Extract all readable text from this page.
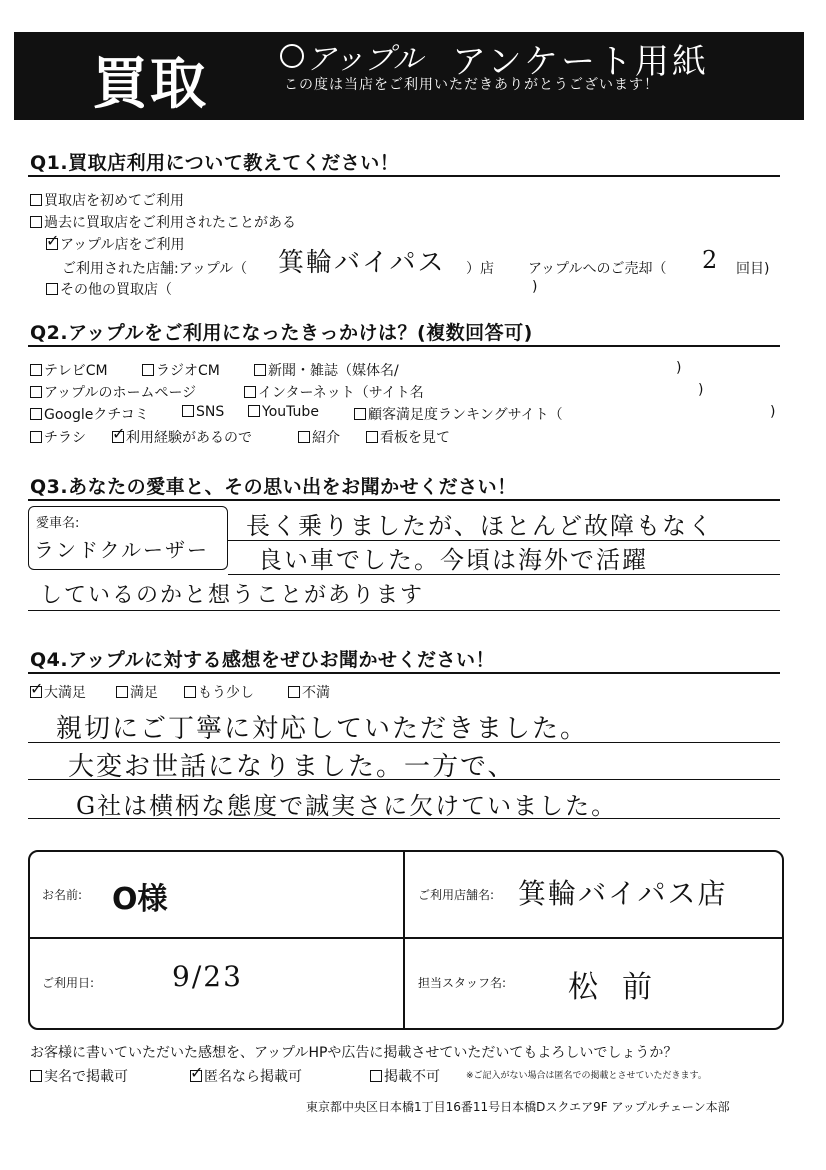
買取	アップル アンケート用紙
この度は当店をご利用いただきありがとうございます！
Q1.買取店利用について教えてください！
買取店を初めてご利用
過去に買取店をご利用されたことがある
✓アップル店をご利用
ご利用された店舗:アップル（ 箕輪バイパス ）店 アップルへのご売却（ 2 回目)
その他の買取店（	)
Q2.アップルをご利用になったきっかけは？(複数回答可)
テレビCM	ラジオCM	新聞・雑誌（媒体名/	)
アップルのホームページ	インターネット（サイト名	)
Googleクチコミ	SNS	YouTube	顧客満足度ランキングサイト（	)
チラシ ✓	利用経験があるので	紹介	看板を見て
Q3.あなたの愛車と、その思い出をお聞かせください！
愛車名:
ランドクルーザー
長く乗りましたが、ほとんど故障もなく
良い車でした。今頃は海外で活躍
しているのかと想うことがあります
Q4.アップルに対する感想をぜひお聞かせください！
✓大満足	満足	もう少し	不満
親切にご丁寧に対応していただきました。
大変お世話になりました。一方で、
G社は横柄な態度で誠実さに欠けていました。
お名前: O様	ご利用店舗名: 箕輪バイパス店
ご利用日:	9/23	担当スタッフ名: 松前
お客様に書いていただいた感想を、アップルHPや広告に掲載させていただいてもよろしいでしょうか？
実名で掲載可 ✓	匿名なら掲載可	掲載不可	※ご記入がない場合は匿名での掲載とさせていただきます。
東京都中央区日本橋1丁目16番11号日本橋Dスクエア9F アップルチェーン本部
